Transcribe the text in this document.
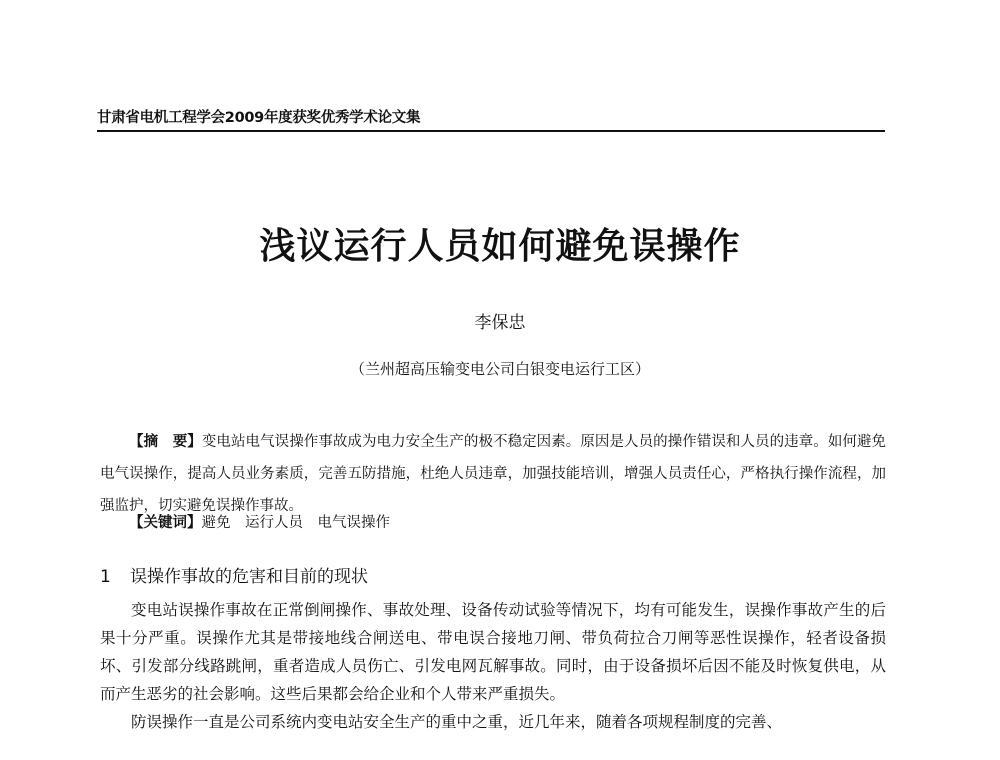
甘肃省电机工程学会2009年度获奖优秀学术论文集
浅议运行人员如何避免误操作
李保忠
（兰州超高压输变电公司白银变电运行工区）

【摘　要】变电站电气误操作事故成为电力安全生产的极不稳定因素。原因是人员的操作错误和人员的违章。如何避免电气误操作，提高人员业务素质，完善五防措施，杜绝人员违章，加强技能培训，增强人员责任心，严格执行操作流程，加强监护，切实避免误操作事故。

【关键词】避免　运行人员　电气误操作

1 误操作事故的危害和目前的现状

变电站误操作事故在正常倒闸操作、事故处理、设备传动试验等情况下，均有可能发生，误操作事故产生的后果十分严重。误操作尤其是带接地线合闸送电、带电误合接地刀闸、带负荷拉合刀闸等恶性误操作，轻者设备损坏、引发部分线路跳闸，重者造成人员伤亡、引发电网瓦解事故。同时，由于设备损坏后因不能及时恢复供电，从而产生恶劣的社会影响。这些后果都会给企业和个人带来严重损失。

防误操作一直是公司系统内变电站安全生产的重中之重，近几年来，随着各项规程制度的完善、
